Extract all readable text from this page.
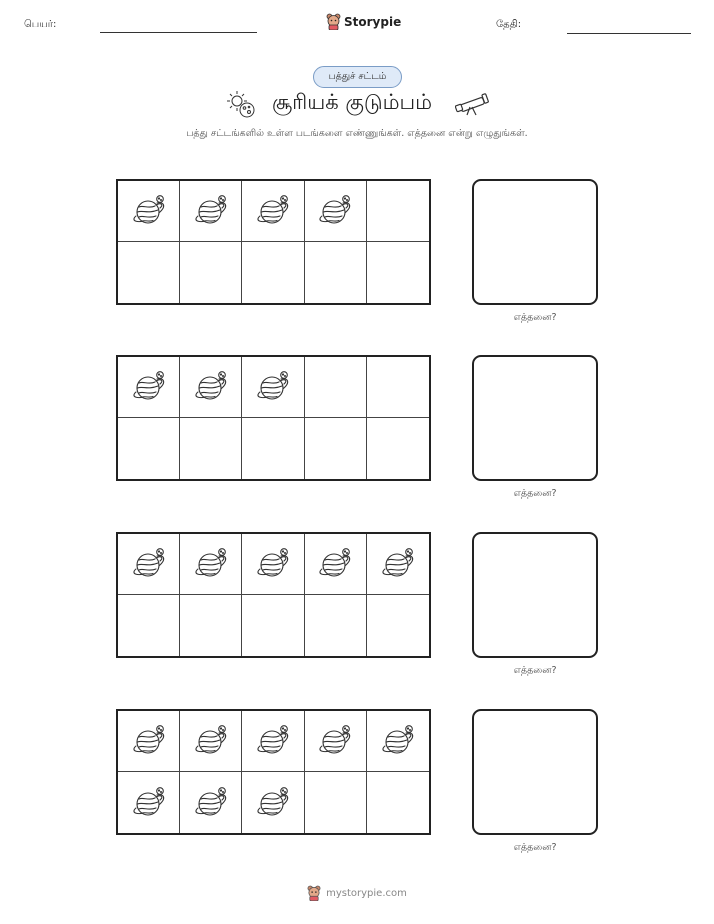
பெயர்:	Storypie	தேதி:
பத்துச் சட்டம்
சூரியக் குடும்பம்
பத்து சட்டங்களில் உள்ள படங்களை எண்ணுங்கள். எத்தனை என்று எழுதுங்கள்.
எத்தனை?
எத்தனை?
எத்தனை?
எத்தனை?
mystorypie.com
